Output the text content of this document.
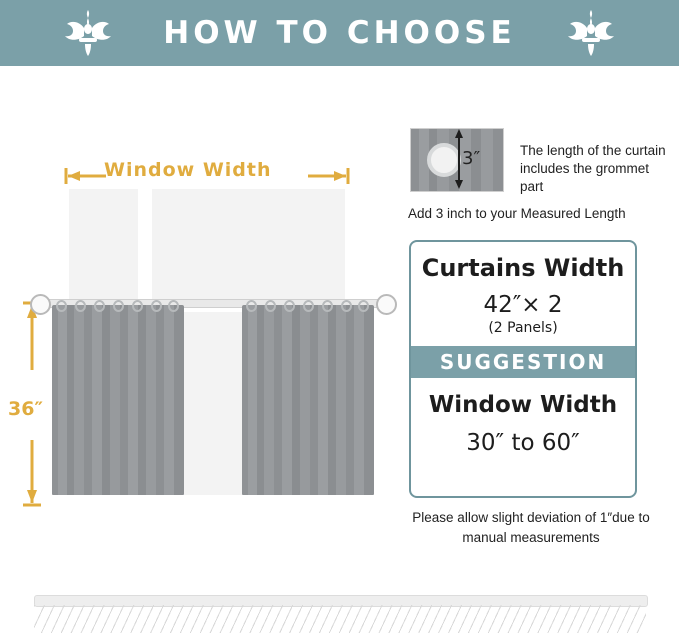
HOW TO CHOOSE
Window Width
36″
3″	The length of the curtain includes the grommet part
Add 3 inch to your Measured Length
Curtains Width
42″× 2
(2 Panels)
SUGGESTION
Window Width
30″ to 60″
Please allow slight deviation of 1″due to manual measurements
